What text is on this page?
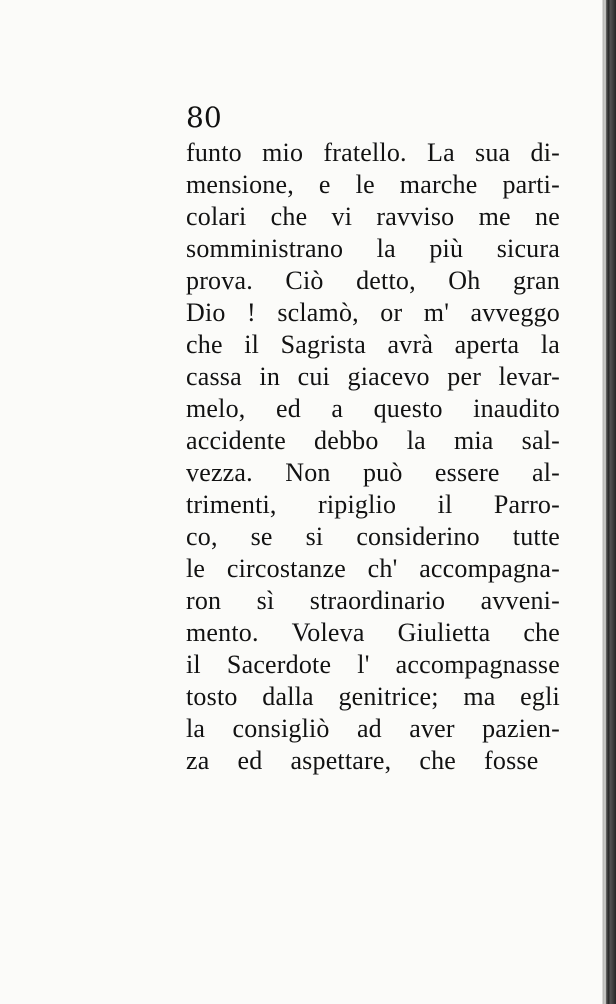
80
funto mio fratello. La sua di-
mensione, e le marche parti-
colari che vi ravviso me ne
somministrano la più sicura
prova. Ciò detto, Oh gran
Dio ! sclamò, or m' avveggo
che il Sagrista avrà aperta la
cassa in cui giacevo per levar-
melo, ed a questo inaudito
accidente debbo la mia sal-
vezza. Non può essere al-
trimenti, ripiglio il Parro-
co, se si considerino tutte
le circostanze ch' accompagna-
ron sì straordinario avveni-
mento. Voleva Giulietta che
il Sacerdote l' accompagnasse
tosto dalla genitrice; ma egli
la consigliò ad aver pazien-
za ed aspettare, che fosse
